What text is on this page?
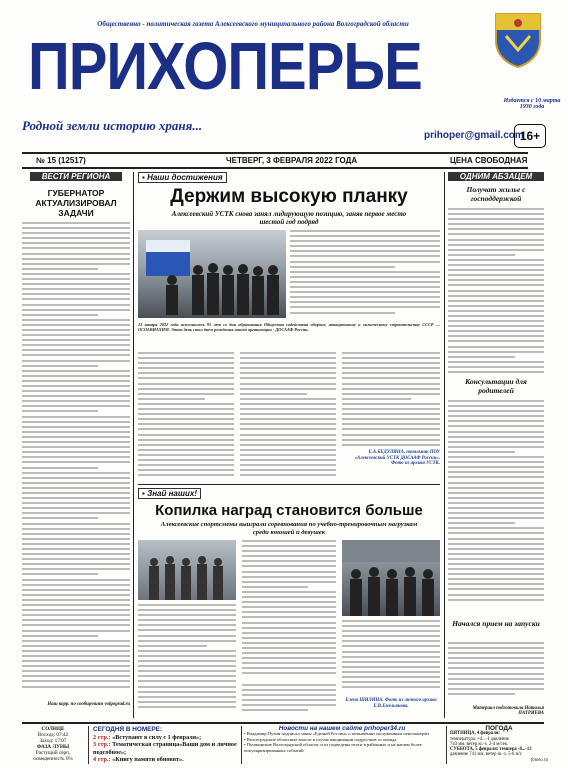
Общественно - политическая газета Алексеевского муниципального района Волгоградской области
ПРИХОПЕРЬЕ
Родной земли историю храня...
Издается с 10 марта 1930 года
prihoper@gmail.com
16+
№ 15 (12517)	ЧЕТВЕРГ, 3 ФЕВРАЛЯ 2022 ГОДА	ЦЕНА СВОБОДНАЯ
ВЕСТИ РЕГИОНА
ГУБЕРНАТОР АКТУАЛИЗИРОВАЛ ЗАДАЧИ
Наш корр. по сообщениям volgograd.ru
▪ Наши достижения
Держим высокую планку
Алексеевский УСТК снова занял лидирующую позицию, заняв первое место шестой год подряд
23 января 2022 года исполнилось 95 лет со дня образования Общества содействия обороне, авиационному и химическому строительству СССР — ОСОАВИАХИМ. Этот день стал днем рождения нашей организации - ДОСААФ России.
Е.А.БЕДУЛИНА, начальник ПОУ «Алексеевский УСТК ДОСААФ России». Фото из архива УСТК.
▪ Знай наших!
Копилка наград становится больше
Алексеевские спортсмены выиграли соревнования по учебно-тренировочным нагрузкам среди юношей и девушек
Елена ШИЛИНА. Фото из личного архива Е.В.Емельянова.
ОДНИМ АБЗАЦЕМ
Получат жилье с господдержкой
Консультации для родителей
Начался прием на запуски
Материал подготовила Наталья ПАТРИЕВА
СОЛНЦЕ
Восход: 07:42
Заход: 17:07
ФАЗА ЛУНЫ
Растущий серп,
освещенность 6%
СЕГОДНЯ В НОМЕРЕ:
2 стр.: «Вступают в силу с 1 февраля»;
3 стр.: Тематическая страница«Ваши дом и личное подсобное»;
4 стр.: «Книгу памяти обновят».
Новости на нашем сайте prihoper34.ru
• Владимир Путин подписал закон «Единой России» о повышении заслуженным пенсионерам
• Волгоградские областные власти в случае вакцинации подростков от ковида
• Пушкинские Волгоградской области стал подведены итоги в районных и на нашем более популяризированных событий
ПОГОДА
ПЯТНИЦА, 4 февраля:
температура: +4...-1 давление
743 мм. ветер ю.-з. 2-4 м/сек.
СУББОТА, 5 февраля: темпера -8...-13
давление 741 мм. ветер ю.-з. 5-6 м/с
fotoeo.ru
